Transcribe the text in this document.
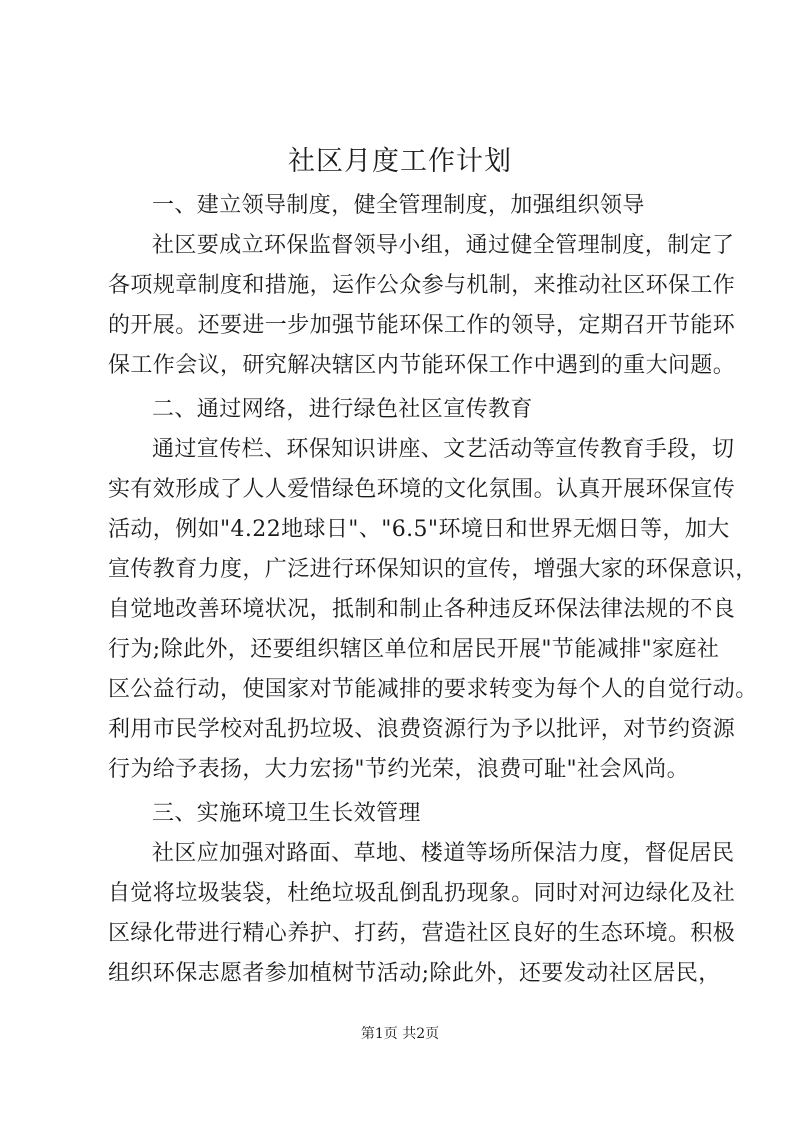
社区月度工作计划
一、建立领导制度，健全管理制度，加强组织领导
社区要成立环保监督领导小组，通过健全管理制度，制定了
各项规章制度和措施，运作公众参与机制，来推动社区环保工作
的开展。还要进一步加强节能环保工作的领导，定期召开节能环
保工作会议，研究解决辖区内节能环保工作中遇到的重大问题。
二、通过网络，进行绿色社区宣传教育
通过宣传栏、环保知识讲座、文艺活动等宣传教育手段，切
实有效形成了人人爱惜绿色环境的文化氛围。认真开展环保宣传
活动，例如"4.22地球日"、"6.5"环境日和世界无烟日等，加大
宣传教育力度，广泛进行环保知识的宣传，增强大家的环保意识，
自觉地改善环境状况，抵制和制止各种违反环保法律法规的不良
行为;除此外，还要组织辖区单位和居民开展"节能减排"家庭社
区公益行动，使国家对节能减排的要求转变为每个人的自觉行动。
利用市民学校对乱扔垃圾、浪费资源行为予以批评，对节约资源
行为给予表扬，大力宏扬"节约光荣，浪费可耻"社会风尚。
三、实施环境卫生长效管理
社区应加强对路面、草地、楼道等场所保洁力度，督促居民
自觉将垃圾装袋，杜绝垃圾乱倒乱扔现象。同时对河边绿化及社
区绿化带进行精心养护、打药，营造社区良好的生态环境。积极
组织环保志愿者参加植树节活动;除此外，还要发动社区居民，
第1页 共2页
